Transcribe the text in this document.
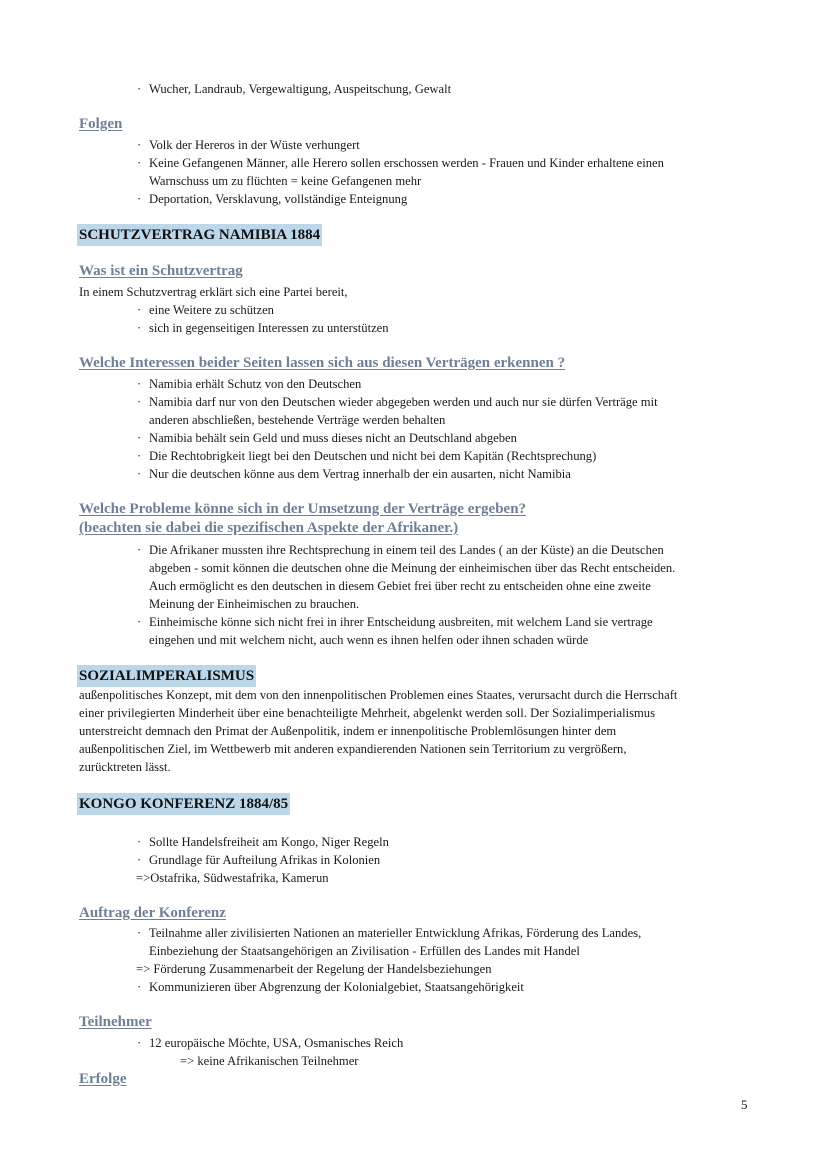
· Wucher, Landraub, Vergewaltigung, Auspeitschung, Gewalt
Folgen
· Volk der Hereros in der Wüste verhungert
· Keine Gefangenen Männer, alle Herero sollen erschossen werden - Frauen und Kinder erhaltene einen
Warnschuss um zu flüchten = keine Gefangenen mehr
· Deportation, Versklavung, vollständige Enteignung
SCHUTZVERTRAG NAMIBIA 1884
Was ist ein Schutzvertrag
In einem Schutzvertrag erklärt sich eine Partei bereit,
· eine Weitere zu schützen
· sich in gegenseitigen Interessen zu unterstützen
Welche Interessen beider Seiten lassen sich aus diesen Verträgen erkennen ?
· Namibia erhält Schutz von den Deutschen
· Namibia darf nur von den Deutschen wieder abgegeben werden und auch nur sie dürfen Verträge mit
anderen abschließen, bestehende Verträge werden behalten
· Namibia behält sein Geld und muss dieses nicht an Deutschland abgeben
· Die Rechtobrigkeit liegt bei den Deutschen und nicht bei dem Kapitän (Rechtsprechung)
· Nur die deutschen könne aus dem Vertrag innerhalb der ein ausarten, nicht Namibia
Welche Probleme könne sich in der Umsetzung der Verträge ergeben?
(beachten sie dabei die spezifischen Aspekte der Afrikaner.)
· Die Afrikaner mussten ihre Rechtsprechung in einem teil des Landes ( an der Küste) an die Deutschen
abgeben - somit können die deutschen ohne die Meinung der einheimischen über das Recht entscheiden.
Auch ermöglicht es den deutschen in diesem Gebiet frei über recht zu entscheiden ohne eine zweite
Meinung der Einheimischen zu brauchen.
· Einheimische könne sich nicht frei in ihrer Entscheidung ausbreiten, mit welchem Land sie vertrage
eingehen und mit welchem nicht, auch wenn es ihnen helfen oder ihnen schaden würde
SOZIALIMPERALISMUS
außenpolitisches Konzept, mit dem von den innenpolitischen Problemen eines Staates, verursacht durch die Herrschaft
einer privilegierten Minderheit über eine benachteiligte Mehrheit, abgelenkt werden soll. Der Sozialimperialismus
unterstreicht demnach den Primat der Außenpolitik, indem er innenpolitische Problemlösungen hinter dem
außenpolitischen Ziel, im Wettbewerb mit anderen expandierenden Nationen sein Territorium zu vergrößern,
zurücktreten lässt.
KONGO KONFERENZ 1884/85
· Sollte Handelsfreiheit am Kongo, Niger Regeln
· Grundlage für Aufteilung Afrikas in Kolonien
=>Ostafrika, Südwestafrika, Kamerun
Auftrag der Konferenz
· Teilnahme aller zivilisierten Nationen an materieller Entwicklung Afrikas, Förderung des Landes,
Einbeziehung der Staatsangehörigen an Zivilisation - Erfüllen des Landes mit Handel
=> Förderung Zusammenarbeit der Regelung der Handelsbeziehungen
· Kommunizieren über Abgrenzung der Kolonialgebiet, Staatsangehörigkeit
Teilnehmer
· 12 europäische Möchte, USA, Osmanisches Reich
=> keine Afrikanischen Teilnehmer
Erfolge
5
